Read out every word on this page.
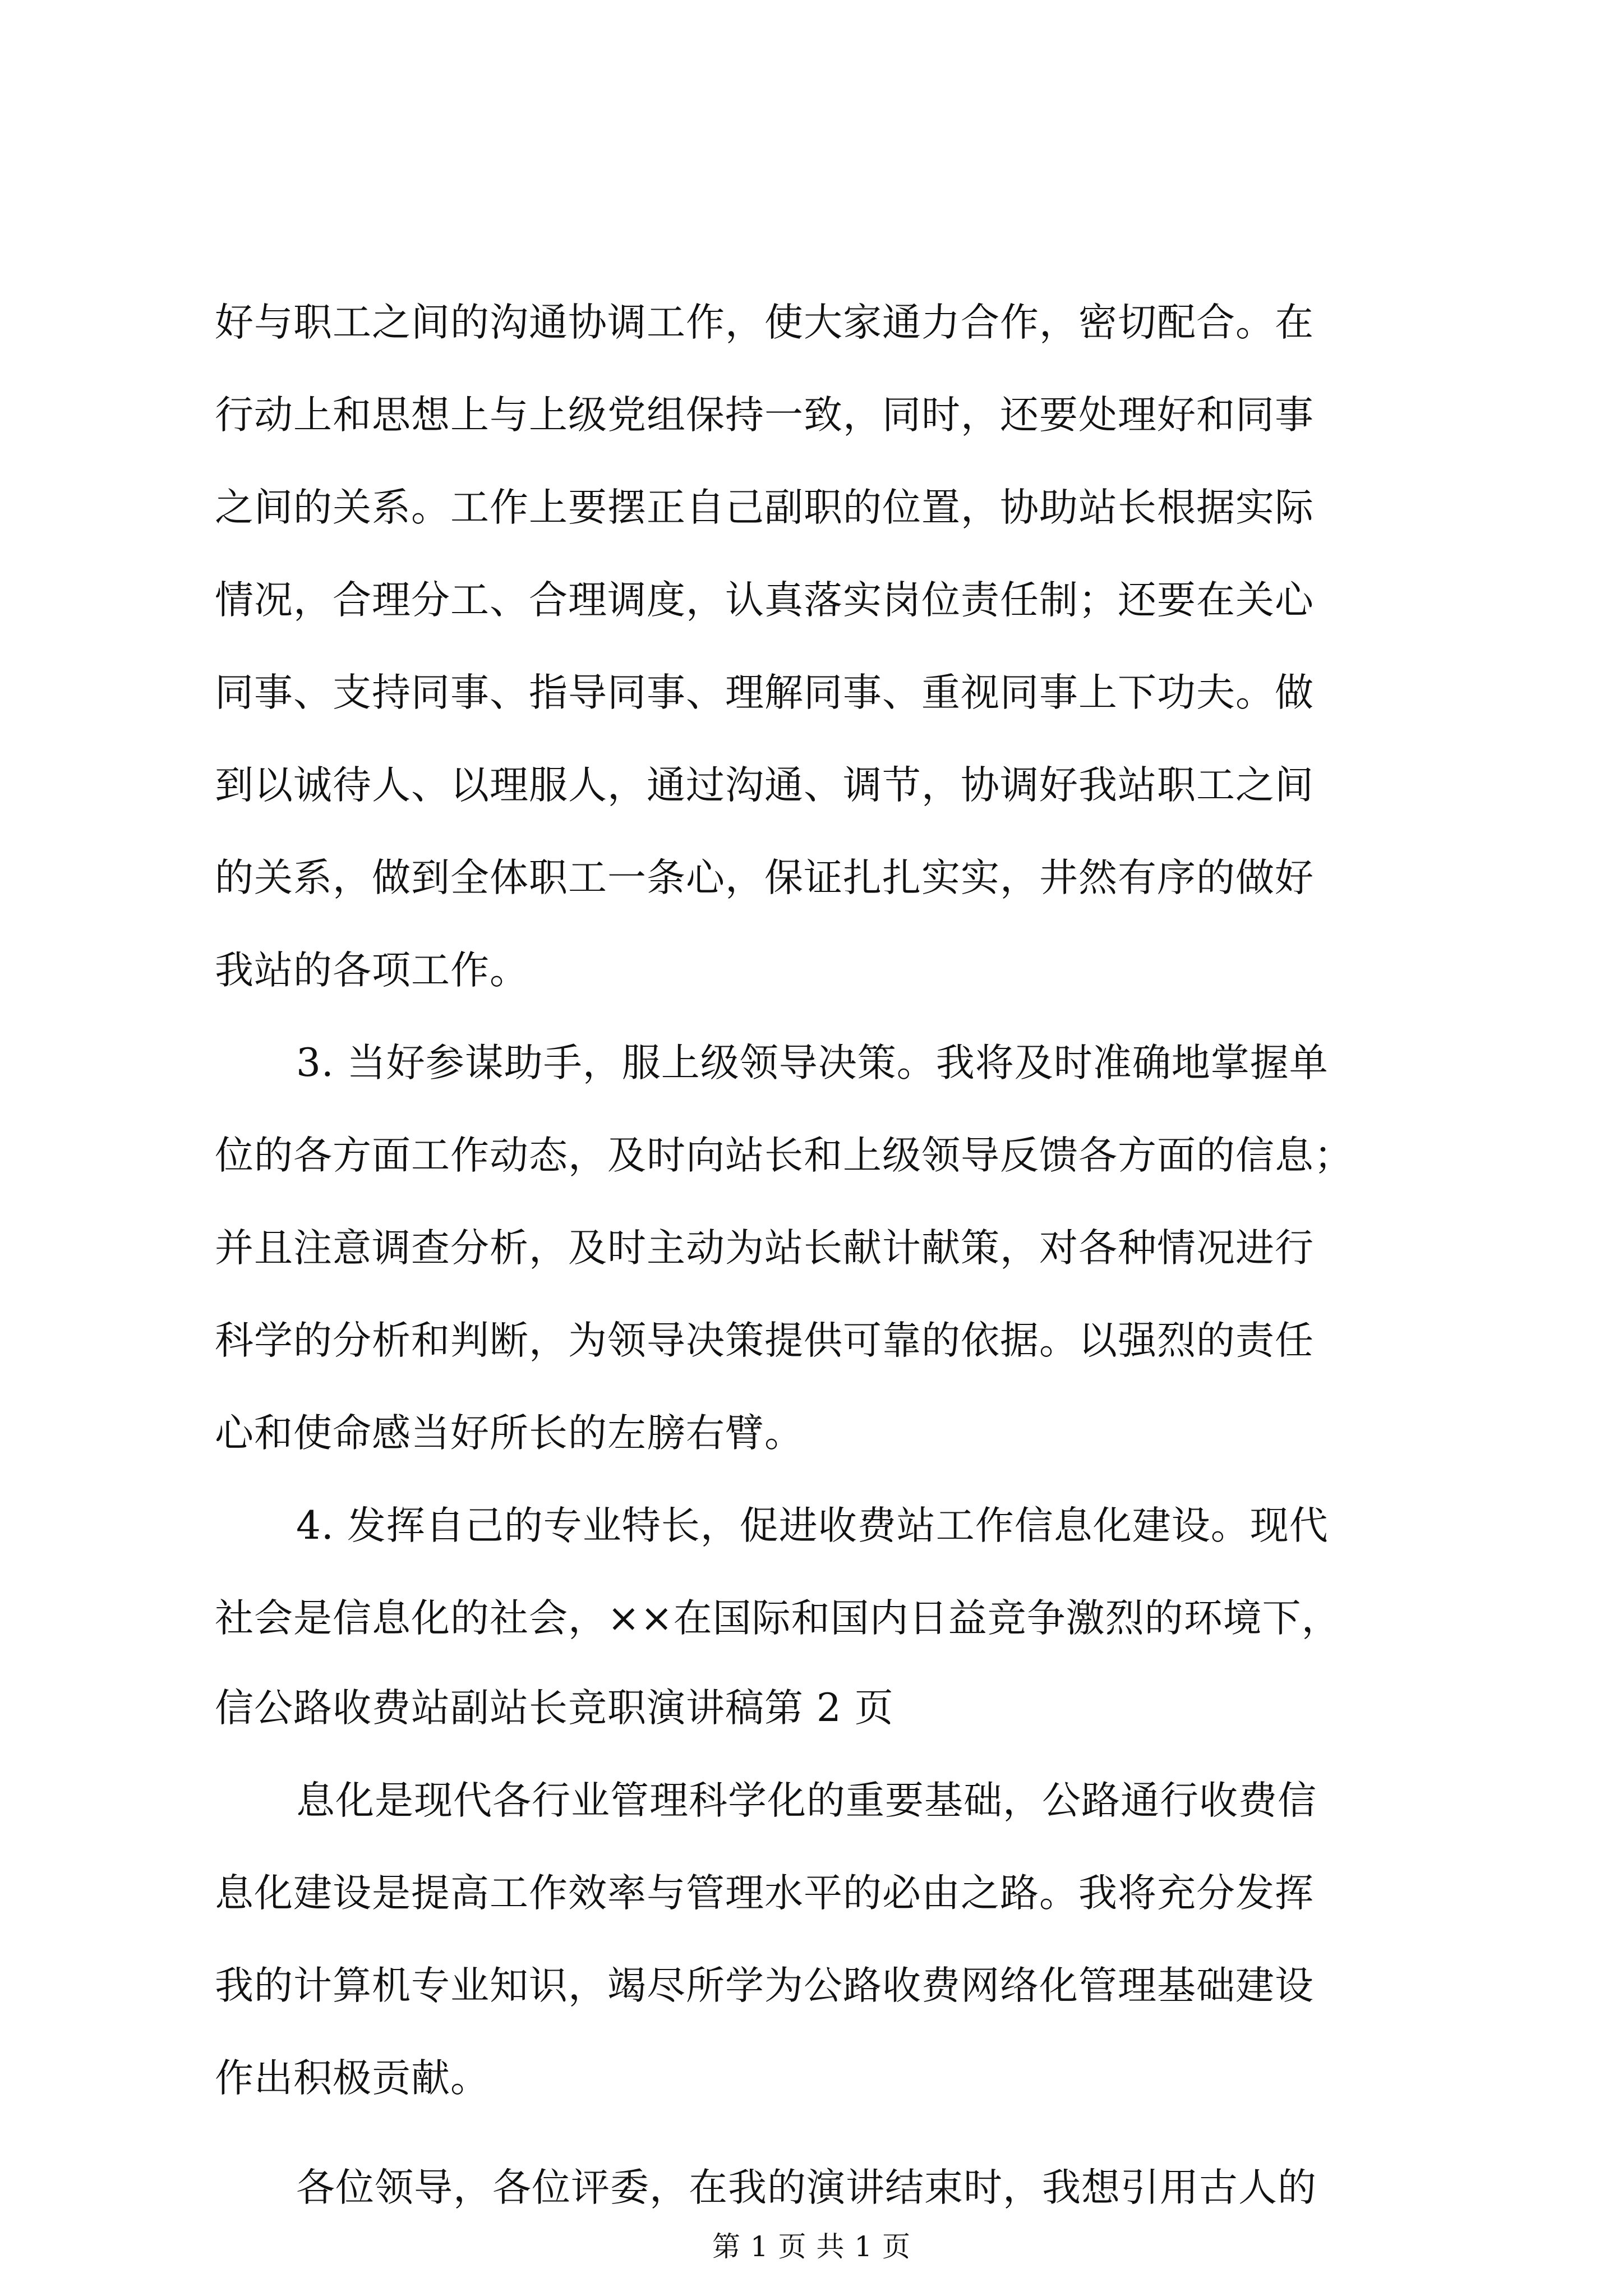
好与职工之间的沟通协调工作，使大家通力合作，密切配合。在
行动上和思想上与上级党组保持一致，同时，还要处理好和同事
之间的关系。工作上要摆正自己副职的位置，协助站长根据实际
情况，合理分工、合理调度，认真落实岗位责任制；还要在关心
同事、支持同事、指导同事、理解同事、重视同事上下功夫。做
到以诚待人、以理服人，通过沟通、调节，协调好我站职工之间
的关系，做到全体职工一条心，保证扎扎实实，井然有序的做好
我站的各项工作。
3. 当好参谋助手，服上级领导决策。我将及时准确地掌握单
位的各方面工作动态，及时向站长和上级领导反馈各方面的信息；
并且注意调查分析，及时主动为站长献计献策，对各种情况进行
科学的分析和判断，为领导决策提供可靠的依据。以强烈的责任
心和使命感当好所长的左膀右臂。
4. 发挥自己的专业特长，促进收费站工作信息化建设。现代
社会是信息化的社会，××在国际和国内日益竞争激烈的环境下，
信公路收费站副站长竞职演讲稿第 2 页
息化是现代各行业管理科学化的重要基础，公路通行收费信
息化建设是提高工作效率与管理水平的必由之路。我将充分发挥
我的计算机专业知识，竭尽所学为公路收费网络化管理基础建设
作出积极贡献。
各位领导，各位评委，在我的演讲结束时，我想引用古人的
第 1 页 共 1 页
